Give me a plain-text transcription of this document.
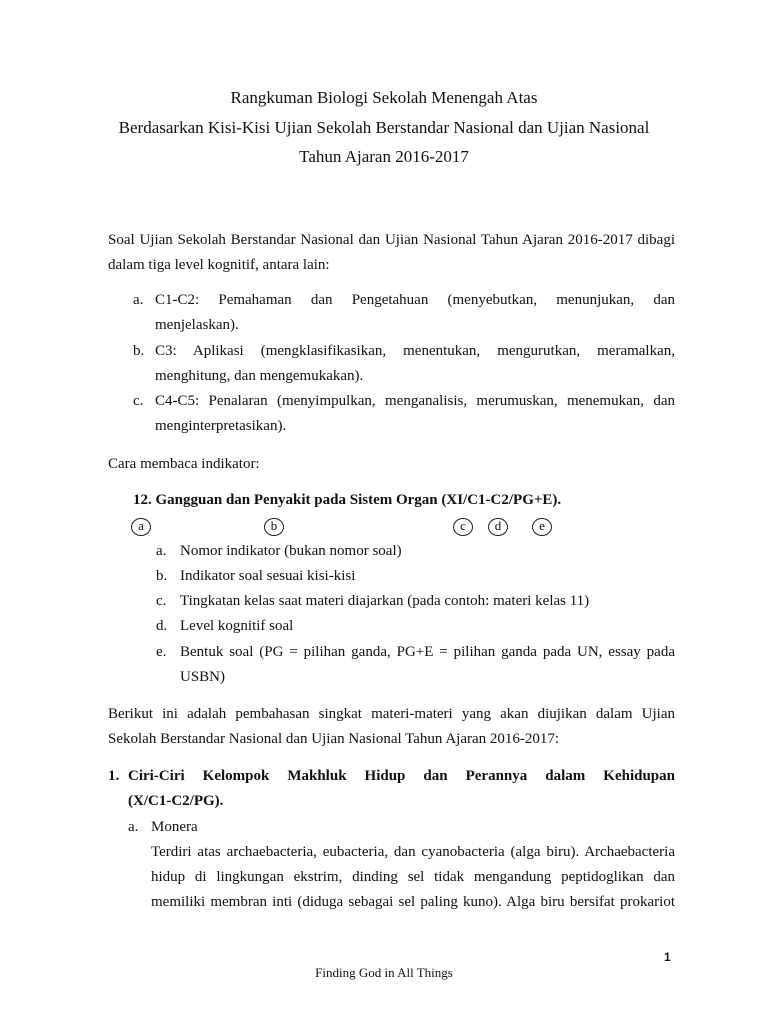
Rangkuman Biologi Sekolah Menengah Atas
Berdasarkan Kisi-Kisi Ujian Sekolah Berstandar Nasional dan Ujian Nasional
Tahun Ajaran 2016-2017
Soal Ujian Sekolah Berstandar Nasional dan Ujian Nasional Tahun Ajaran 2016-2017 dibagi
dalam tiga level kognitif, antara lain:
a. C1-C2: Pemahaman dan Pengetahuan (menyebutkan, menunjukan, dan
menjelaskan).
b. C3: Aplikasi (mengklasifikasikan, menentukan, mengurutkan, meramalkan,
menghitung, dan mengemukakan).
c. C4-C5: Penalaran (menyimpulkan, menganalisis, merumuskan, menemukan, dan
menginterpretasikan).
Cara membaca indikator:
12. Gangguan dan Penyakit pada Sistem Organ (XI/C1-C2/PG+E).
a	b	c	d	e
a. Nomor indikator (bukan nomor soal)
b. Indikator soal sesuai kisi-kisi
c. Tingkatan kelas saat materi diajarkan (pada contoh: materi kelas 11)
d. Level kognitif soal
e. Bentuk soal (PG = pilihan ganda, PG+E = pilihan ganda pada UN, essay pada
USBN)
Berikut ini adalah pembahasan singkat materi-materi yang akan diujikan dalam Ujian
Sekolah Berstandar Nasional dan Ujian Nasional Tahun Ajaran 2016-2017:
1. Ciri-Ciri Kelompok Makhluk Hidup dan Perannya dalam Kehidupan
(X/C1-C2/PG).
a. Monera
Terdiri atas archaebacteria, eubacteria, dan cyanobacteria (alga biru). Archaebacteria
hidup di lingkungan ekstrim, dinding sel tidak mengandung peptidoglikan dan
memiliki membran inti (diduga sebagai sel paling kuno). Alga biru bersifat prokariot
1
Finding God in All Things
